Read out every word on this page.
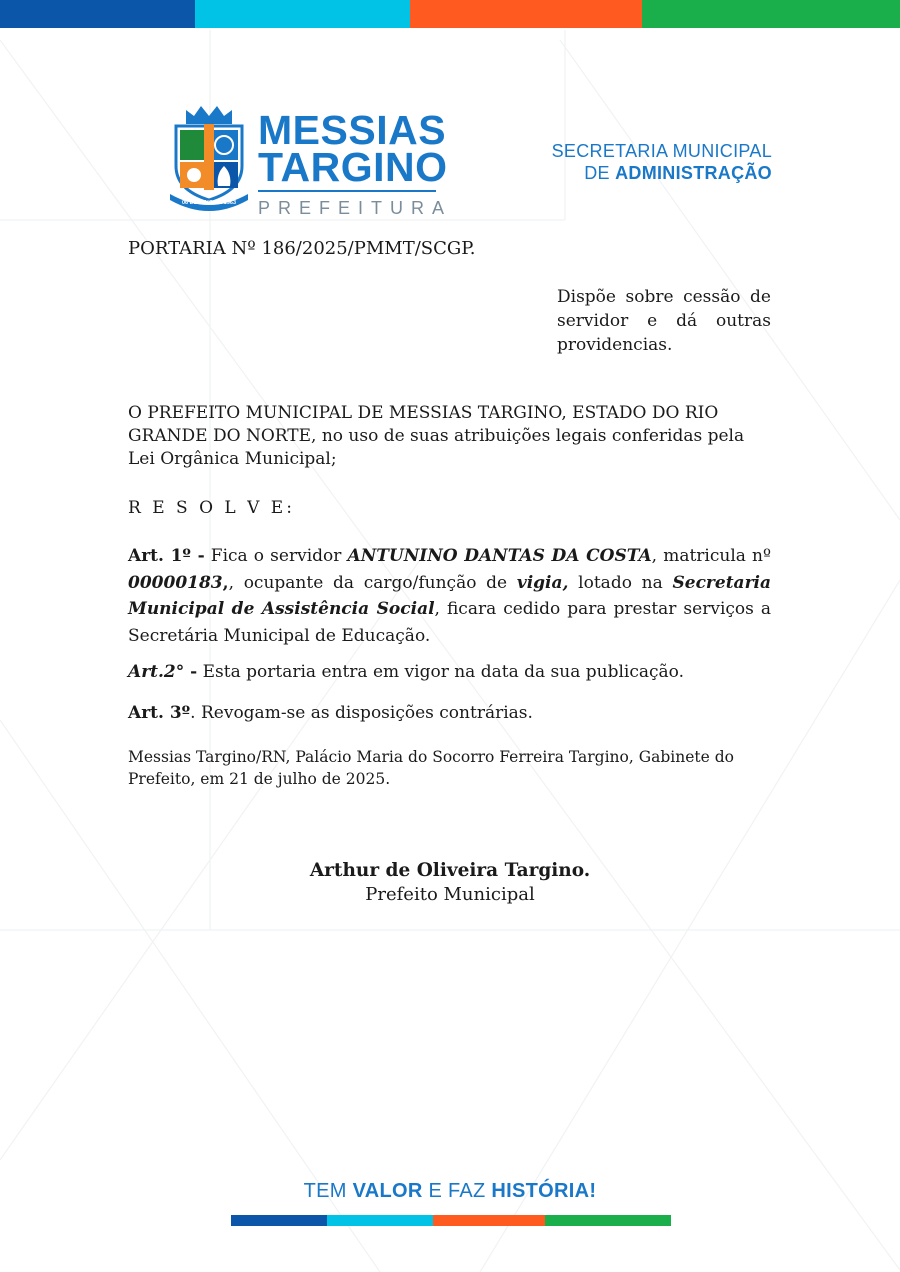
06 DE MAIO DE 1963
MESSIAS
TARGINO
PREFEITURA
SECRETARIA MUNICIPAL
DE ADMINISTRAÇÃO
PORTARIA Nº 186/2025/PMMT/SCGP.
Dispõe sobre cessão de servidor e dá outras providencias.
O PREFEITO MUNICIPAL DE MESSIAS TARGINO, ESTADO DO RIO GRANDE DO NORTE, no uso de suas atribuições legais conferidas pela Lei Orgânica Municipal;
R E S O L V E:
Art. 1º - Fica o servidor ANTUNINO DANTAS DA COSTA, matricula nº 00000183,, ocupante da cargo/função de vigia, lotado na Secretaria Municipal de Assistência Social, ficara cedido para prestar serviços a Secretária Municipal de Educação.
Art.2° - Esta portaria entra em vigor na data da sua publicação.
Art. 3º. Revogam-se as disposições contrárias.
Messias Targino/RN, Palácio Maria do Socorro Ferreira Targino, Gabinete do Prefeito, em 21 de julho de 2025.
Arthur de Oliveira Targino.
Prefeito Municipal
TEM VALOR E FAZ HISTÓRIA!
